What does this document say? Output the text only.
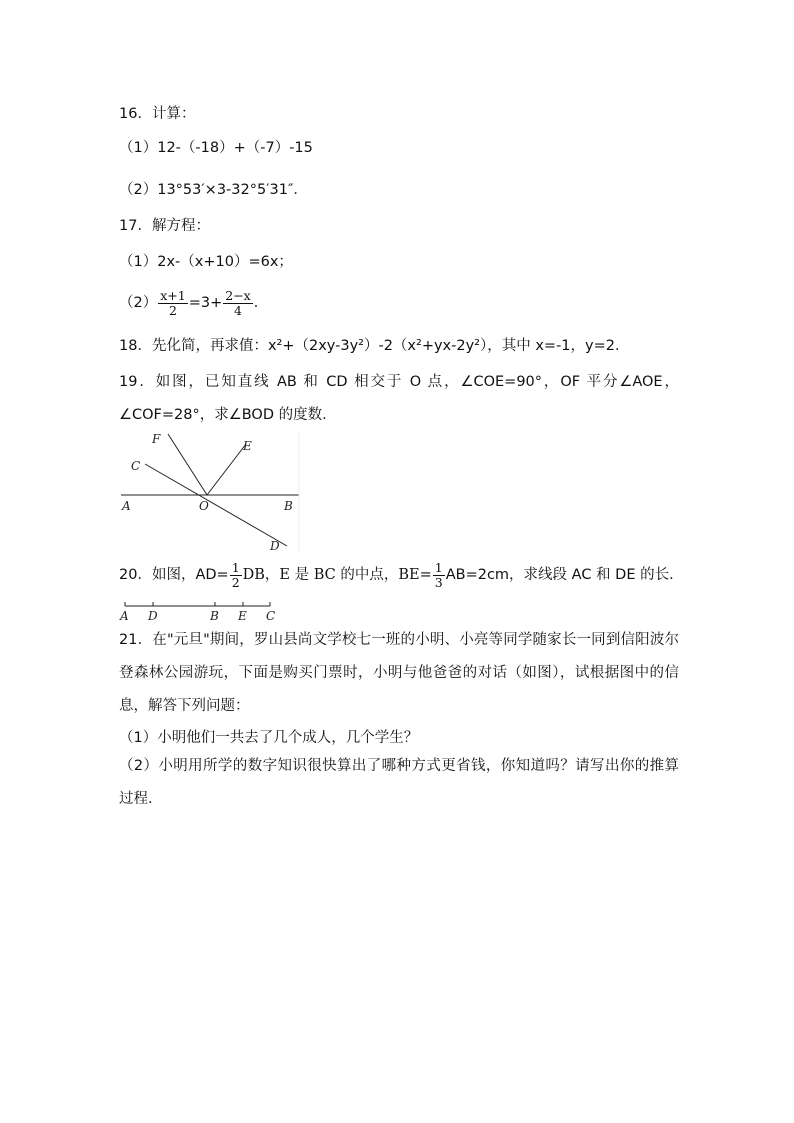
16．计算：
（1）12-（-18）+（-7）-15
（2）13°53′×3-32°5′31″．
17．解方程：
（1）2x-（x+10）=6x；
$(2) \frac{x+1}{2} =3+ \frac{2-x}{4}$ ．
18．先化简，再求值：x²+（2xy-3y²）-2（x²+yx-2y²），其中 x=-1，y=2．
19．如图，已知直线 AB 和 CD 相交于 O 点，∠COE=90°，OF 平分∠AOE，∠COF=28°，求∠BOD 的度数．
F	E
C
A	O	B
D
20．如图，$AD= \frac{1}{2}$ DB，E 是 BC 的中点，$BE= \frac{1}{3} AB=2cm$，求线段 AC 和 DE 的长．
A D	B E C
21．在"元旦"期间，罗山县尚文学校七一班的小明、小亮等同学随家长一同到信阳波尔登森林公园游玩，下面是购买门票时，小明与他爸爸的对话（如图），试根据图中的信息，解答下列问题：
（1）小明他们一共去了几个成人，几个学生？
（2）小明用所学的数字知识很快算出了哪种方式更省钱，你知道吗？请写出你的推算过程．
